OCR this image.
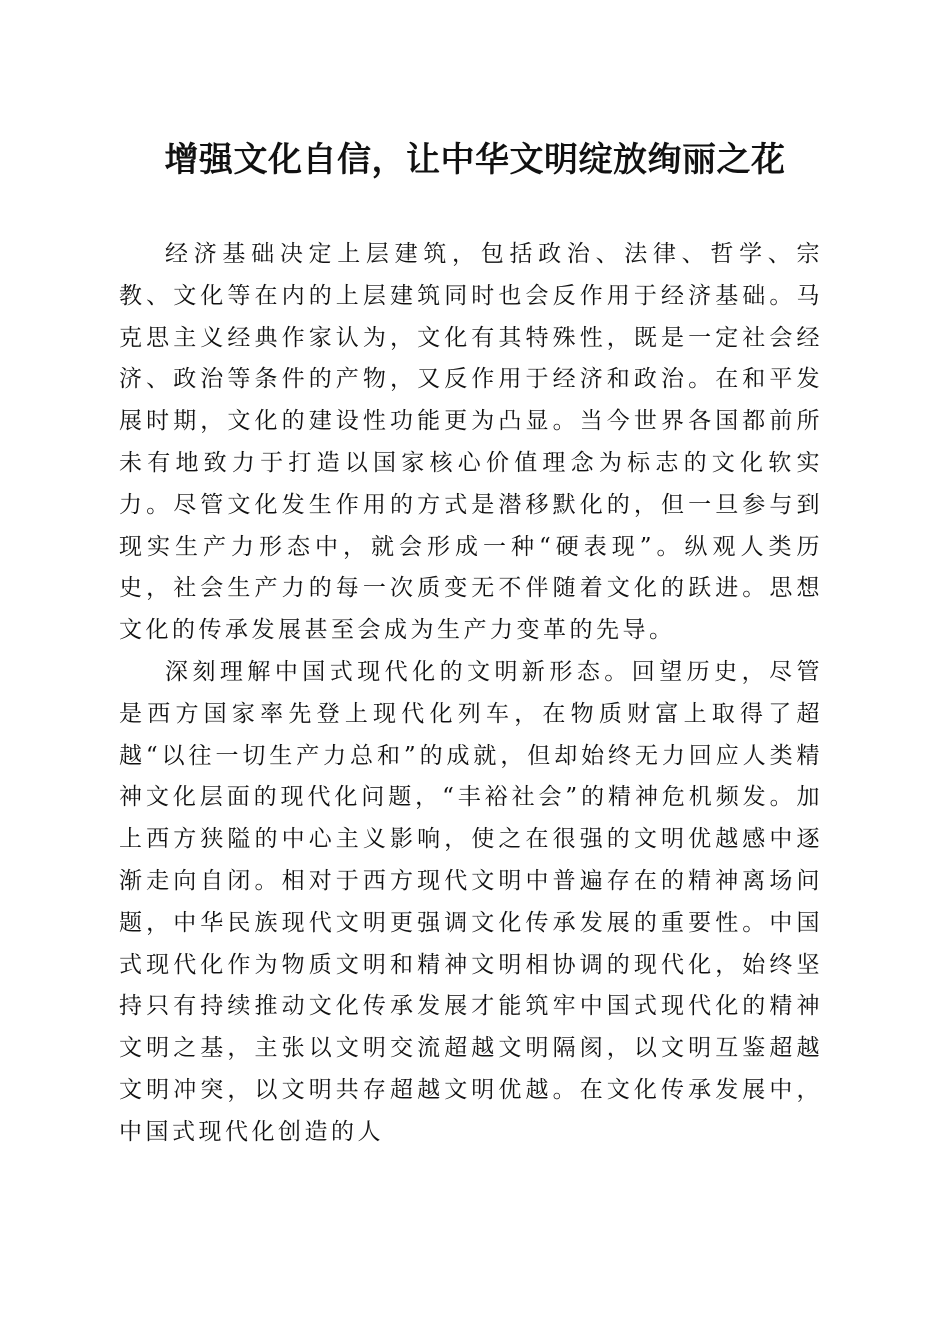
增强文化自信，让中华文明绽放绚丽之花

经济基础决定上层建筑，包括政治、法律、哲学、宗教、文化等在内的上层建筑同时也会反作用于经济基础。马克思主义经典作家认为，文化有其特殊性，既是一定社会经济、政治等条件的产物，又反作用于经济和政治。在和平发展时期，文化的建设性功能更为凸显。当今世界各国都前所未有地致力于打造以国家核心价值理念为标志的文化软实力。尽管文化发生作用的方式是潜移默化的，但一旦参与到现实生产力形态中，就会形成一种“硬表现”。纵观人类历史，社会生产力的每一次质变无不伴随着文化的跃进。思想文化的传承发展甚至会成为生产力变革的先导。

深刻理解中国式现代化的文明新形态。回望历史，尽管是西方国家率先登上现代化列车，在物质财富上取得了超越“以往一切生产力总和”的成就，但却始终无力回应人类精神文化层面的现代化问题，“丰裕社会”的精神危机频发。加上西方狭隘的中心主义影响，使之在很强的文明优越感中逐渐走向自闭。相对于西方现代文明中普遍存在的精神离场问题，中华民族现代文明更强调文化传承发展的重要性。中国式现代化作为物质文明和精神文明相协调的现代化，始终坚持只有持续推动文化传承发展才能筑牢中国式现代化的精神文明之基，主张以文明交流超越文明隔阂，以文明互鉴超越文明冲突，以文明共存超越文明优越。在文化传承发展中，中国式现代化创造的人
